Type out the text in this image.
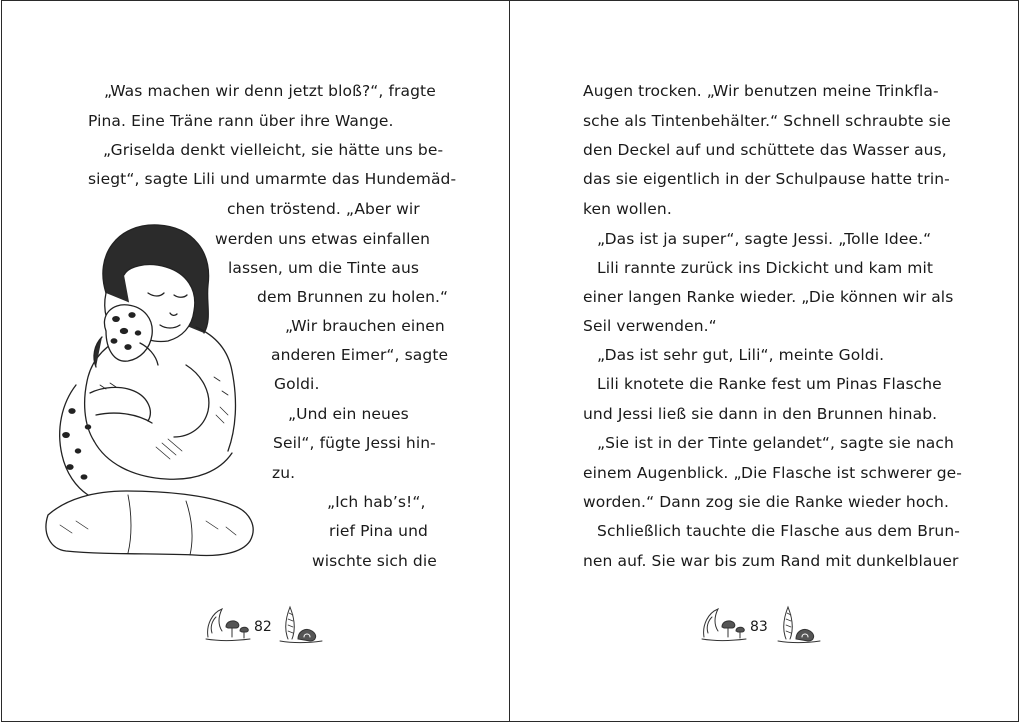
„Was machen wir denn jetzt bloß?“, fragte
Pina. Eine Träne rann über ihre Wange.
„Griselda denkt vielleicht, sie hätte uns be-
siegt“, sagte Lili und umarmte das Hundemäd-
chen tröstend. „Aber wir
werden uns etwas einfallen
lassen, um die Tinte aus
dem Brunnen zu holen.“
„Wir brauchen einen
anderen Eimer“, sagte
Goldi.
„Und ein neues
Seil“, fügte Jessi hin-
zu.
„Ich hab’s!“,
rief Pina und
wischte sich die
82
Augen trocken. „Wir benutzen meine Trinkfla-
sche als Tintenbehälter.“ Schnell schraubte sie
den Deckel auf und schüttete das Wasser aus,
das sie eigentlich in der Schulpause hatte trin-
ken wollen.
„Das ist ja super“, sagte Jessi. „Tolle Idee.“
Lili rannte zurück ins Dickicht und kam mit
einer langen Ranke wieder. „Die können wir als
Seil verwenden.“
„Das ist sehr gut, Lili“, meinte Goldi.
Lili knotete die Ranke fest um Pinas Flasche
und Jessi ließ sie dann in den Brunnen hinab.
„Sie ist in der Tinte gelandet“, sagte sie nach
einem Augenblick. „Die Flasche ist schwerer ge-
worden.“ Dann zog sie die Ranke wieder hoch.
Schließlich tauchte die Flasche aus dem Brun-
nen auf. Sie war bis zum Rand mit dunkelblauer
83
